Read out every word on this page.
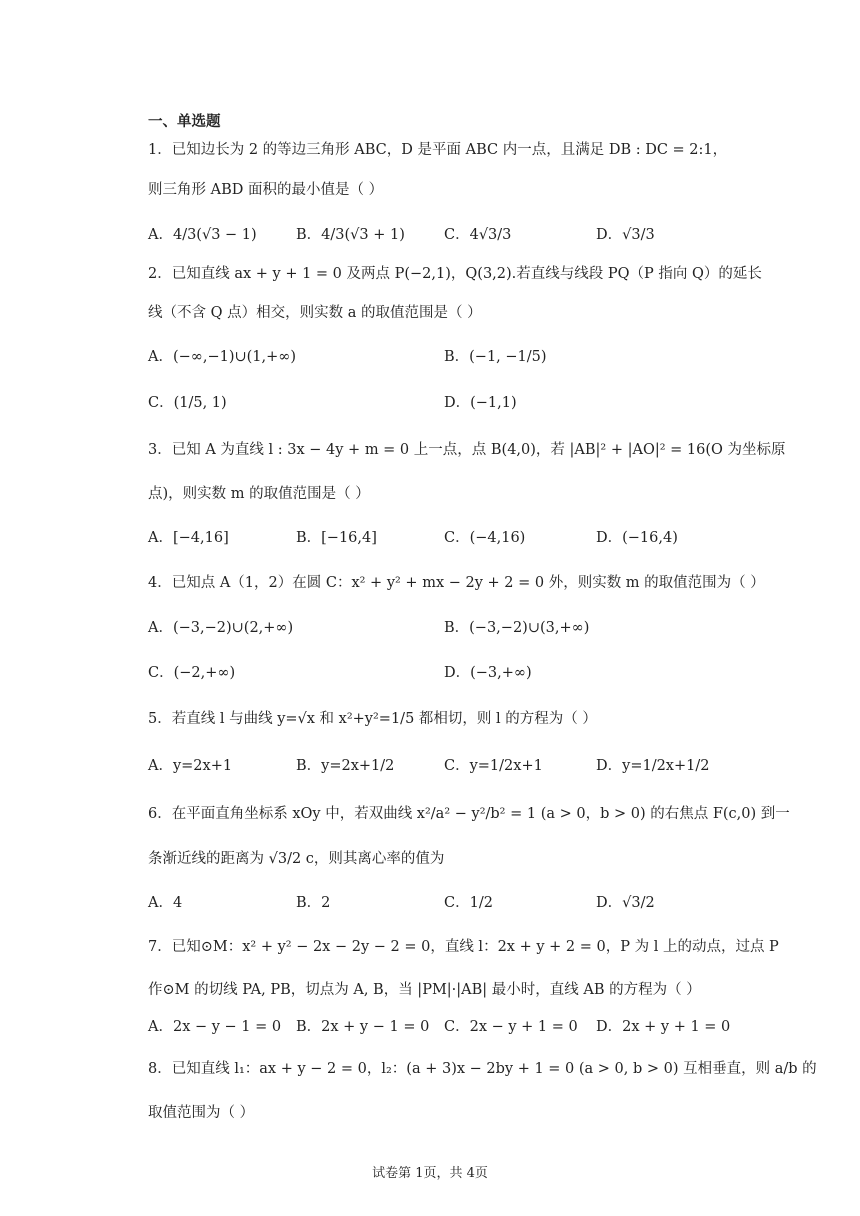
一、单选题
1．已知边长为 2 的等边三角形 ABC，D 是平面 ABC 内一点，且满足 DB : DC = 2:1，
则三角形 ABD 面积的最小值是（ ）
A．4/3(√3 − 1)	B．4/3(√3 + 1)	C．4√3/3	D．√3/3
2．已知直线 ax + y + 1 = 0 及两点 P(−2,1)，Q(3,2).若直线与线段 PQ（P 指向 Q）的延长
线（不含 Q 点）相交，则实数 a 的取值范围是（ ）
A．(−∞,−1)∪(1,+∞)	B．(−1, −1/5)
C．(1/5, 1)	D．(−1,1)
3．已知 A 为直线 l : 3x − 4y + m = 0 上一点，点 B(4,0)，若 |AB|² + |AO|² = 16(O 为坐标原
点)，则实数 m 的取值范围是（ ）
A．[−4,16]	B．[−16,4]	C．(−4,16)	D．(−16,4)
4．已知点 A（1，2）在圆 C：x² + y² + mx − 2y + 2 = 0 外，则实数 m 的取值范围为（ ）
A．(−3,−2)∪(2,+∞)	B．(−3,−2)∪(3,+∞)
C．(−2,+∞)	D．(−3,+∞)
5．若直线 l 与曲线 y=√x 和 x²+y²=1/5 都相切，则 l 的方程为（ ）
A．y=2x+1	B．y=2x+1/2	C．y=1/2x+1	D．y=1/2x+1/2
6．在平面直角坐标系 xOy 中，若双曲线 x²/a² − y²/b² = 1 (a > 0，b > 0) 的右焦点 F(c,0) 到一
条渐近线的距离为 √3/2 c，则其离心率的值为
A．4	B．2	C．1/2	D．√3/2
7．已知⊙M：x² + y² − 2x − 2y − 2 = 0，直线 l：2x + y + 2 = 0，P 为 l 上的动点，过点 P
作⊙M 的切线 PA, PB，切点为 A, B，当 |PM|·|AB| 最小时，直线 AB 的方程为（ ）
A．2x − y − 1 = 0 B．2x + y − 1 = 0 C．2x − y + 1 = 0 D．2x + y + 1 = 0
8．已知直线 l₁：ax + y − 2 = 0，l₂：(a + 3)x − 2by + 1 = 0 (a > 0, b > 0) 互相垂直，则 a/b 的
取值范围为（ ）
试卷第 1页，共 4页
